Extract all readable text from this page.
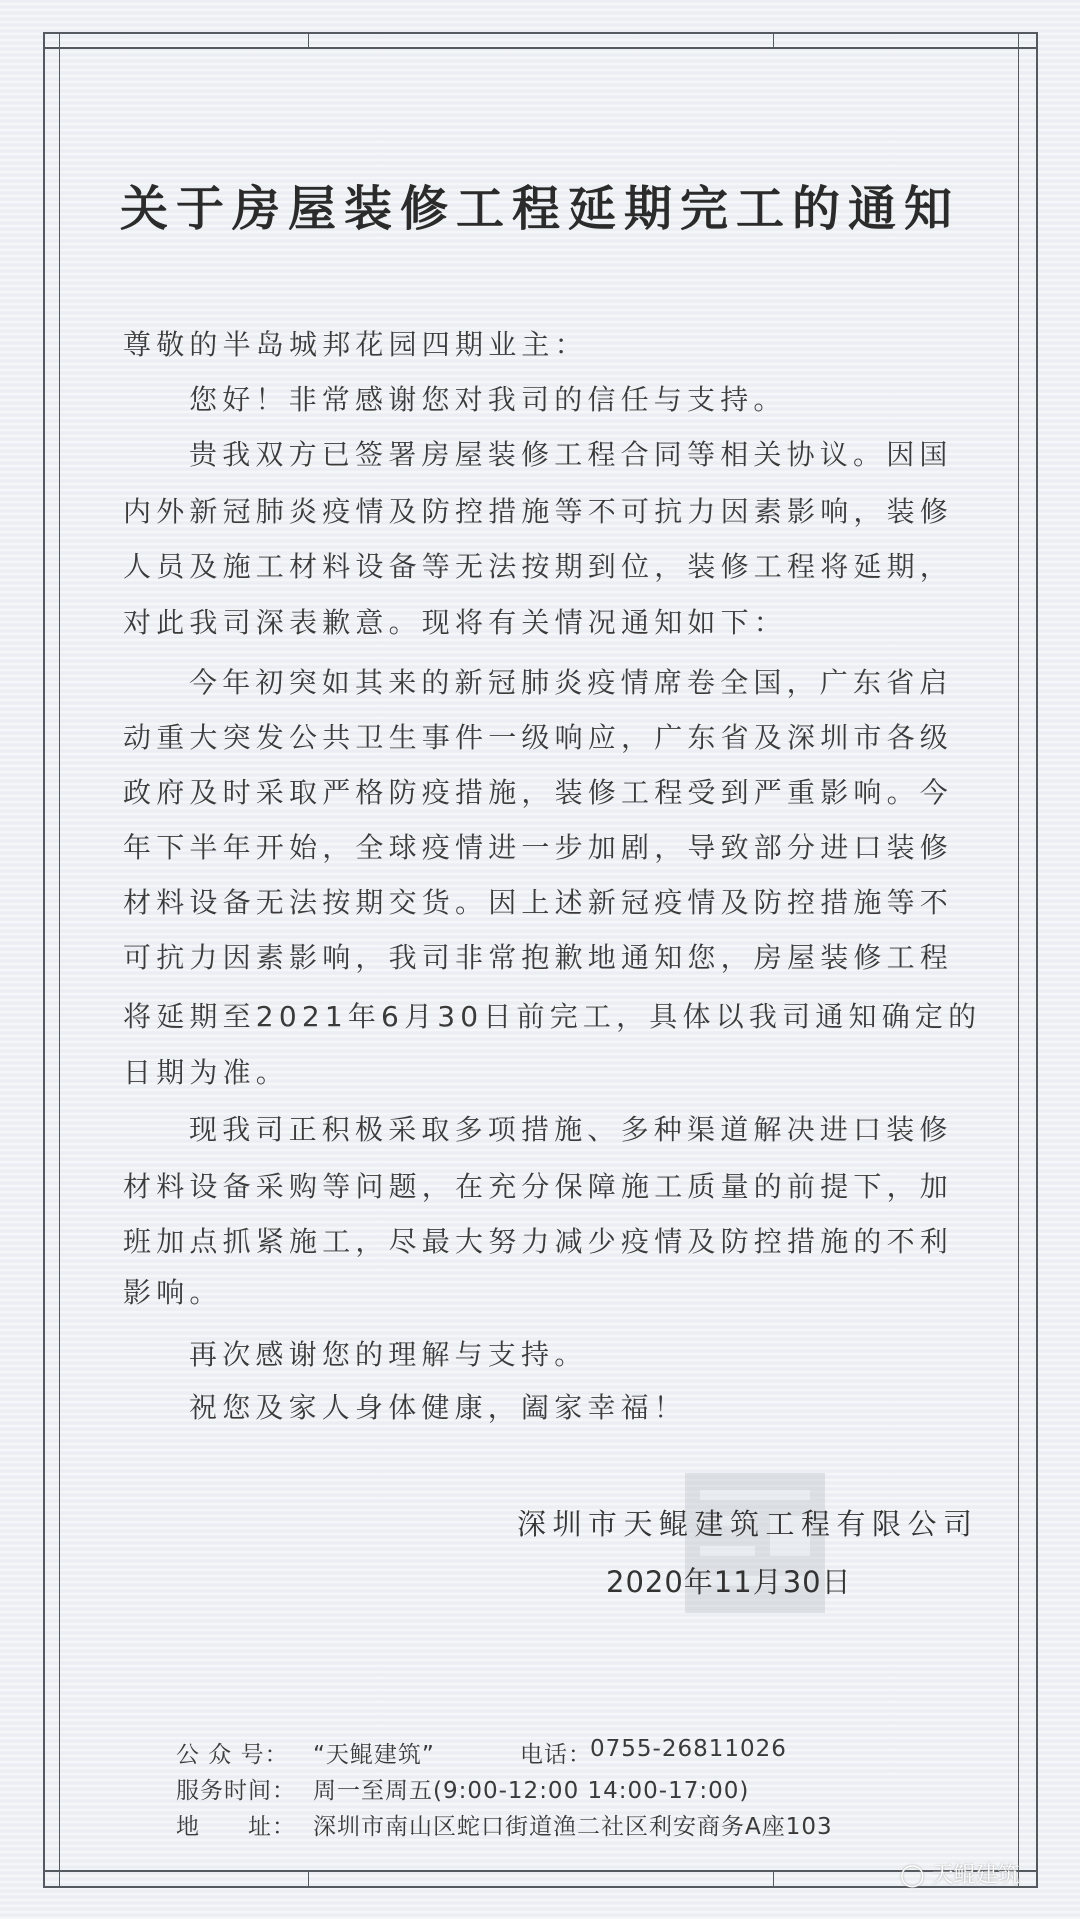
关于房屋装修工程延期完工的通知
尊敬的半岛城邦花园四期业主：
您好！非常感谢您对我司的信任与支持。
贵我双方已签署房屋装修工程合同等相关协议。因国
内外新冠肺炎疫情及防控措施等不可抗力因素影响，装修
人员及施工材料设备等无法按期到位，装修工程将延期，
对此我司深表歉意。现将有关情况通知如下：
今年初突如其来的新冠肺炎疫情席卷全国，广东省启
动重大突发公共卫生事件一级响应，广东省及深圳市各级
政府及时采取严格防疫措施，装修工程受到严重影响。今
年下半年开始，全球疫情进一步加剧，导致部分进口装修
材料设备无法按期交货。因上述新冠疫情及防控措施等不
可抗力因素影响，我司非常抱歉地通知您，房屋装修工程
将延期至2021年6月30日前完工，具体以我司通知确定的
日期为准。
现我司正积极采取多项措施、多种渠道解决进口装修
材料设备采购等问题，在充分保障施工质量的前提下，加
班加点抓紧施工，尽最大努力减少疫情及防控措施的不利
影响。
再次感谢您的理解与支持。
祝您及家人身体健康，阖家幸福！
深圳市天鲲建筑工程有限公司
2020年11月30日
公 众 号： “天鲲建筑”	电话：
0755-26811026
服务时间： 周一至周五(9:00-12:00 14:00-17:00)
地　　址： 深圳市南山区蛇口街道渔二社区利安商务A座103
◯ 天鲲建筑
